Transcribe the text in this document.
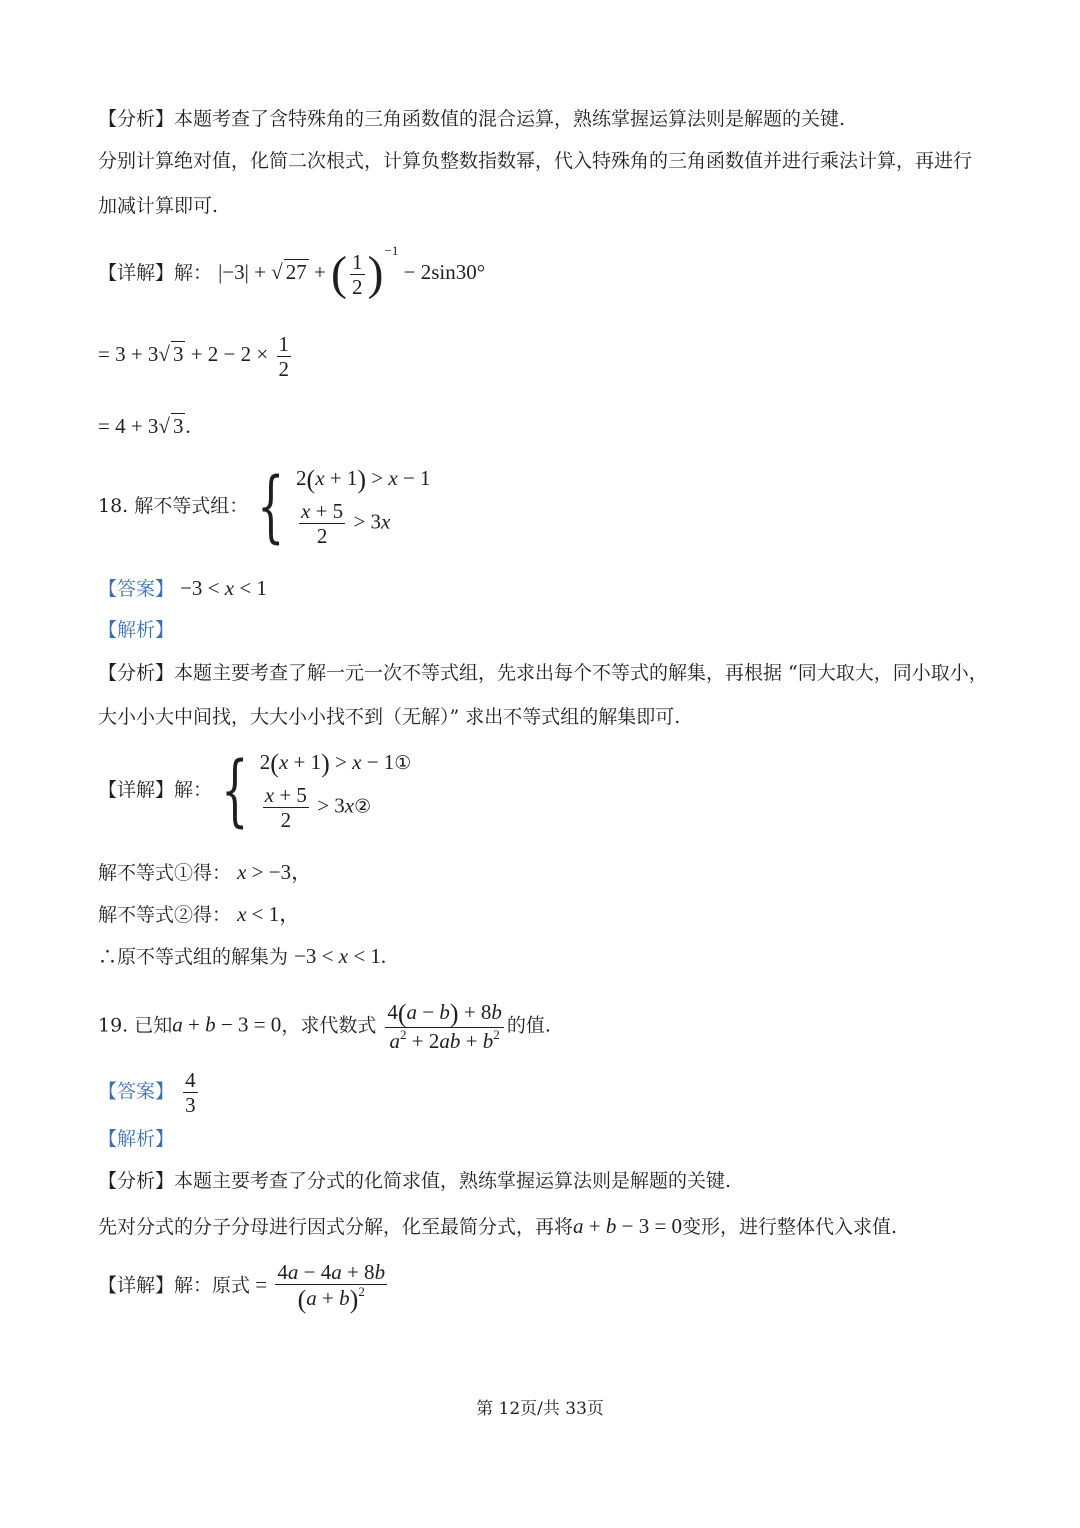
【分析】本题考查了含特殊角的三角函数值的混合运算，熟练掌握运算法则是解题的关键.
分别计算绝对值，化简二次根式，计算负整数指数幂，代入特殊角的三角函数值并进行乘法计算，再进行
加减计算即可.
【详解】解： |−3| + √ 27 + ( $\frac{1}{2} )^{-1} - 2\sin 30^\circ$
= 3 + 3√ $3 + 2 - 2 \times \frac{1}{2}$
= 4 + 3√ 3.
18. 解不等式组： { 2(x + 1) > x − 1
$\frac{x + 5}{2} > 3x$
【答案】 −3 < x < 1
【解析】
【分析】本题主要考查了解一元一次不等式组，先求出每个不等式的解集，再根据 “同大取大，同小取小，
大小小大中间找，大大小小找不到（无解）” 求出不等式组的解集即可.
【详解】解： { 2(x + 1) > x − 1①
$\frac{x + 5}{2}$ > 3x②
解不等式①得： x > −3，
解不等式②得： x < 1，
∴原不等式组的解集为 −3 < x < 1.
19. 已知a + b − 3 = 0，求代数式 $\frac{4(a - b) + 8b}{a^2 + 2ab + b^2}$ 的值.
【答案】 $\frac{4}{3}$
【解析】
【分析】本题主要考查了分式的化简求值，熟练掌握运算法则是解题的关键.
先对分式的分子分母进行因式分解，化至最简分式，再将a + b − 3 = 0变形，进行整体代入求值.
【详解】解：原式 = $\frac{4a - 4a + 8b}{(a + b)^2}$
第 12页/共 33页
